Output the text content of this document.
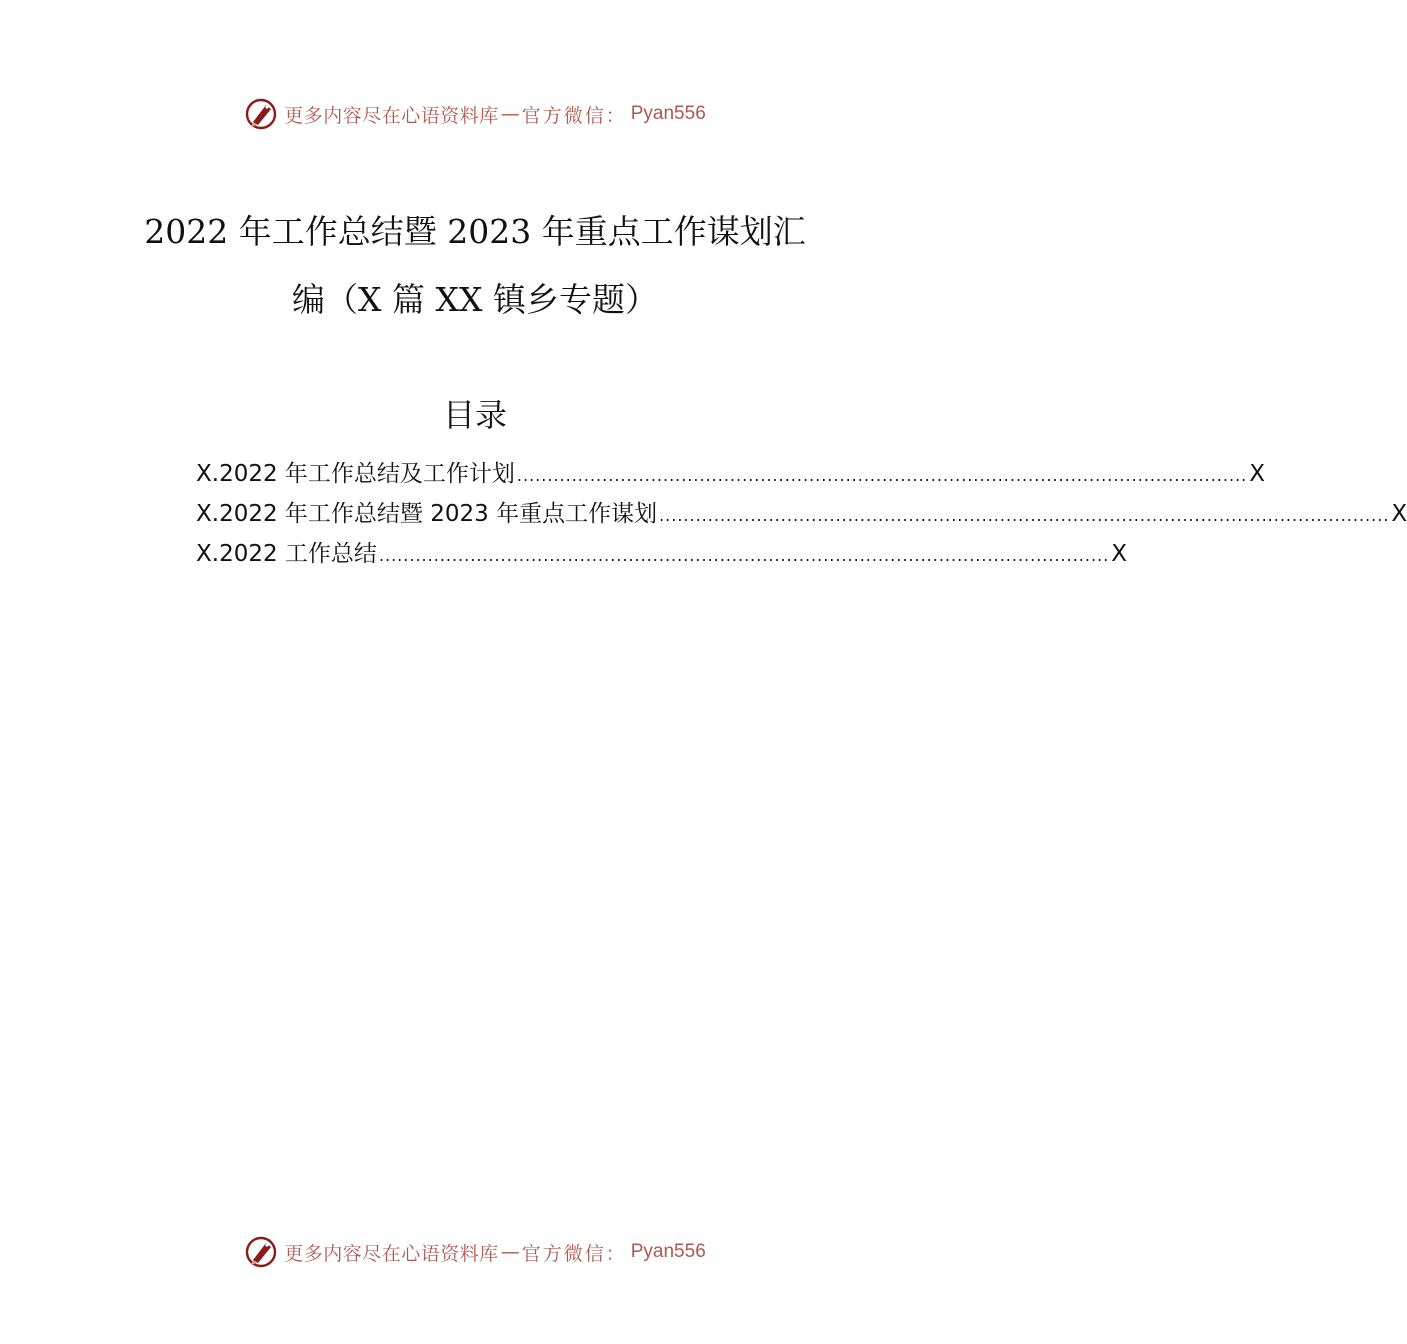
更多内容尽在心语资料库 — 官方微信： Pyan556
2022 年工作总结暨 2023 年重点工作谋划汇
编（X 篇 XX 镇乡专题）
目录
X.2022 年工作总结及工作计划 ........................................................................................................................ X
X.2022 年工作总结暨 2023 年重点工作谋划 ........................................................................................................................ X
X.2022 工作总结 ........................................................................................................................ X
更多内容尽在心语资料库 — 官方微信： Pyan556
